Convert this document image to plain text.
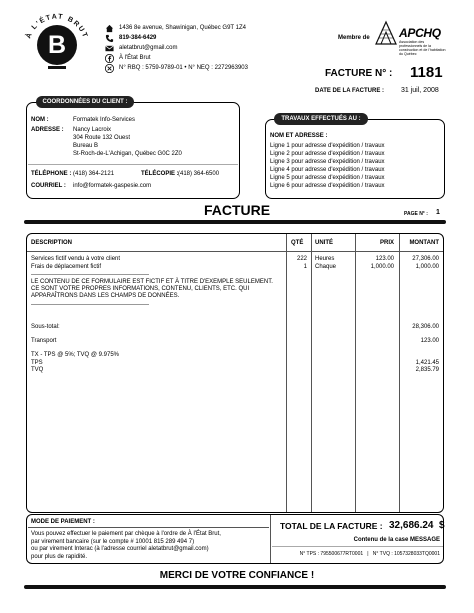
À L'ÉTAT BRUT
B
1436 8e avenue, Shawinigan, Québec G9T 1Z4
819-384-6429
aletatbrut@gmail.com
À l'État Brut
N° RBQ : 5759-9789-01 • N° NEQ : 2272963903
Membre de APCHQ
Association des professionnels de la construction et de l'habitation du Québec
FACTURE N° : 1181
DATE DE LA FACTURE : 31 juil, 2008
COORDONNÉES DU CLIENT :
NOM :	Formatek Info-Services
ADRESSE : Nancy Lacroix
304 Route 132 Ouest
Bureau B
St-Roch-de-L'Achigan, Québec G0C 2Z0
TÉLÉPHONE : (418) 364-2121	TÉLÉCOPIE : (418) 364-6500
COURRIEL : info@formatek-gaspesie.com
TRAVAUX EFFECTUÉS AU :
NOM ET ADRESSE :
Ligne 1 pour adresse d'expédition / travaux
Ligne 2 pour adresse d'expédition / travaux
Ligne 3 pour adresse d'expédition / travaux
Ligne 4 pour adresse d'expédition / travaux
Ligne 5 pour adresse d'expédition / travaux
Ligne 6 pour adresse d'expédition / travaux
FACTURE	PAGE N° : 1
DESCRIPTION	QTÉ UNITÉ	PRIX	MONTANT
Services fictif vendu à votre client	222 Heures	123.00	27,306.00
Frais de déplacement fictif	1 Chaque	1,000.00	1,000.00
LE CONTENU DE CE FORMULAIRE EST FICTIF ET À TITRE D'EXEMPLE SEULEMENT.
CE SONT VOTRE PROPRES INFORMATIONS, CONTENU, CLIENTS, ETC. QUI
APPARAÎTRONS DANS LES CHAMPS DE DONNÉES.
Sous-total:	28,306.00
Transport	123.00
TX - TPS @ 5%; TVQ @ 9.975%
TPS	1,421.45
TVQ	2,835.79
MODE DE PAIEMENT :
Vous pouvez effectuer le paiement par chèque à l'ordre de À l'État Brut,
par virement bancaire (sur le compte # 10001 815 289 494 7)
ou par virement Interac (à l'adresse courriel aletatbrut@gmail.com)
pour plus de rapidité.
TOTAL DE LA FACTURE : 32,686.24  $
Contenu de la case MESSAGE
N° TPS : 795500677RT0001   |   N° TVQ : 1057328033TQ0001
MERCI DE VOTRE CONFIANCE !
